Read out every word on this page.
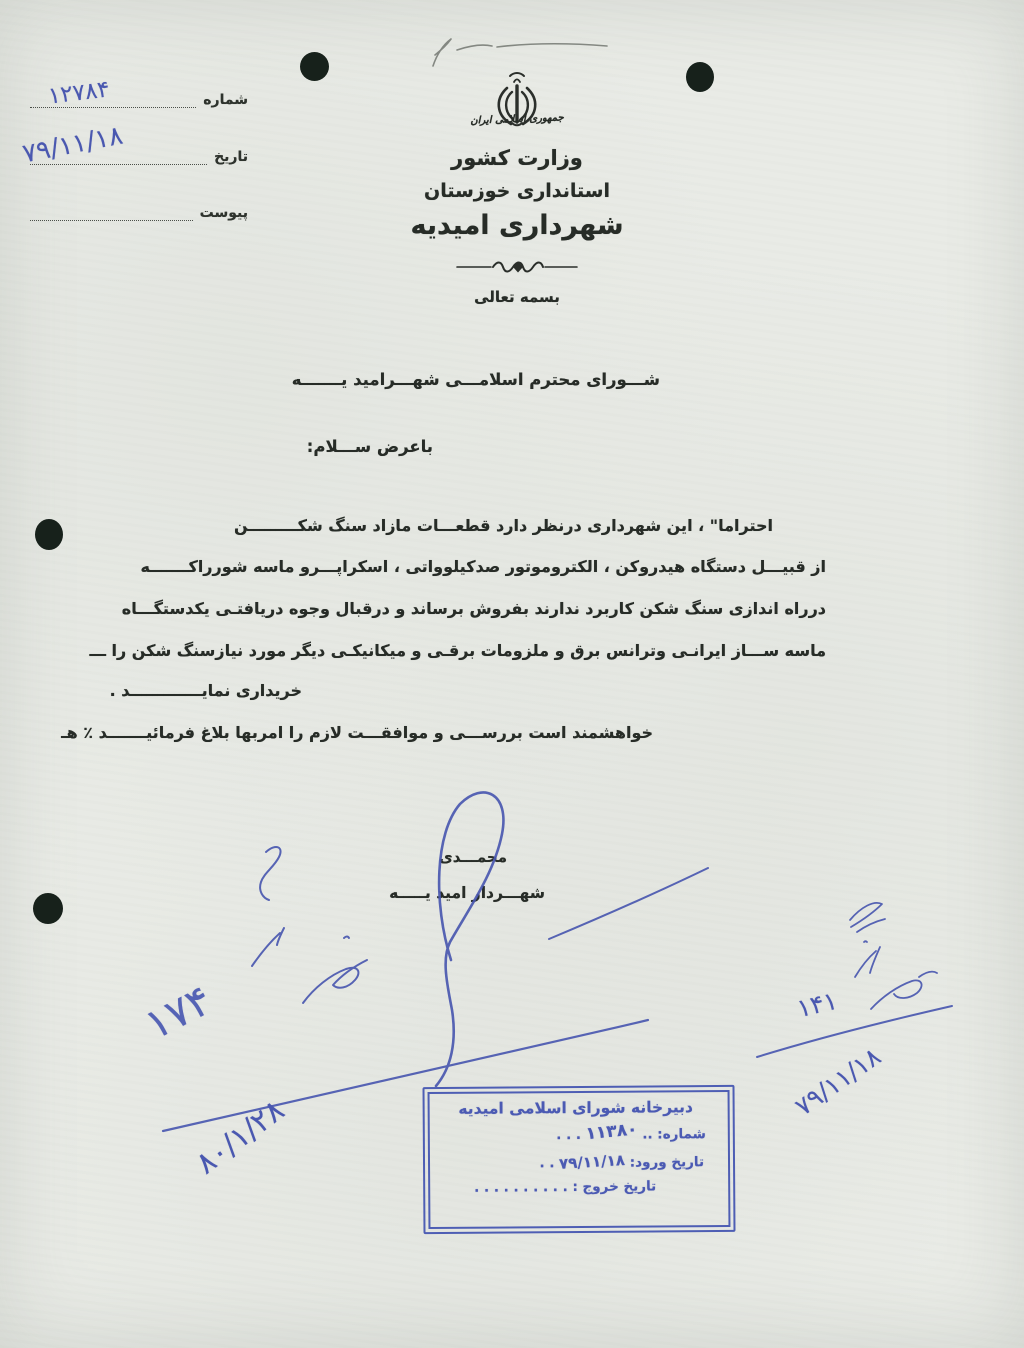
جمهوری اسلامی ایران
وزارت کشور
استانداری خوزستان
شهرداری امیدیه
بسمه تعالی
شماره
تاریخ
پیوست
۱۲۷۸۴
۷۹/۱۱/۱۸
شـــورای محترم اسلامـــی شهـــرامید یـــــــه
باعرض ســـلام:
احتراما" ، این شهرداری درنظر دارد قطعـــات مازاد سنگ شکـــــــــن
از قبیـــل دستگاه هیدروکن ، الکتروموتور صدکیلوواتی ، اسکراپـــرو ماسه شورراکـــــــه
درراه اندازی سنگ شکن کاربرد ندارند بفروش برساند و درقبال وجوه دریافتـی یکدستگـــاه
ماسه ســـاز ایرانـی وترانس برق و ملزومات برقـی و میکانیکـی دیگر مورد نیازسنگ شکن را ـــ
خریداری نمایـــــــــــــد .
خواهشمند است بررســـی و موافقـــت لازم را امربها بلاغ فرمائیـــــــد ٪ هـ
محمـــدی
شهـــردار امید یـــــه
۱۷۴
۸۰/۱/۲۸
۱۴۱
۷۹/۱۱/۱۸
دبیرخانه شورای اسلامی امیدیه
شماره: .. ۱۱۳۸۰ . . .
تاریخ ورود: ۷۹/۱۱/۱۸ . .
تاریخ خروج : . . . . . . . . . .
